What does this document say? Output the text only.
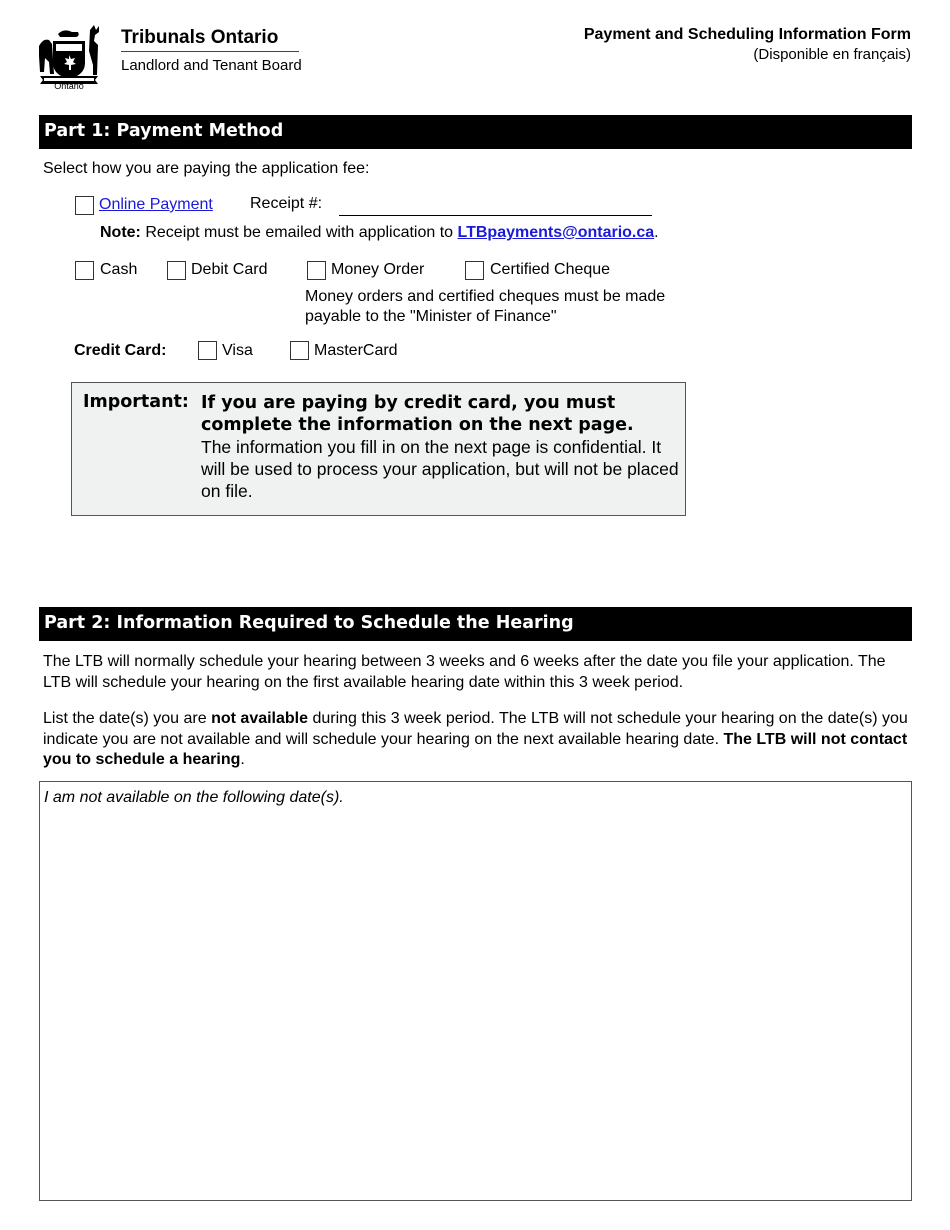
Ontario
Tribunals Ontario
Landlord and Tenant Board
Payment and Scheduling Information Form
(Disponible en français)
Part 1: Payment Method
Select how you are paying the application fee:
Online Payment Receipt #:
Note: Receipt must be emailed with application to LTBpayments@ontario.ca.
Cash	Debit Card	Money Order	Certified Cheque
Money orders and certified cheques must be made
payable to the "Minister of Finance"
Credit Card:	Visa	MasterCard
Important: If you are paying by credit card, you must complete the information on the next page.
The information you fill in on the next page is confidential. It will be used to process your application, but will not be placed on file.
Part 2: Information Required to Schedule the Hearing
The LTB will normally schedule your hearing between 3 weeks and 6 weeks after the date you file your application. The LTB will schedule your hearing on the first available hearing date within this 3 week period.
List the date(s) you are not available during this 3 week period. The LTB will not schedule your hearing on the date(s) you indicate you are not available and will schedule your hearing on the next available hearing date. The LTB will not contact you to schedule a hearing.
I am not available on the following date(s).
